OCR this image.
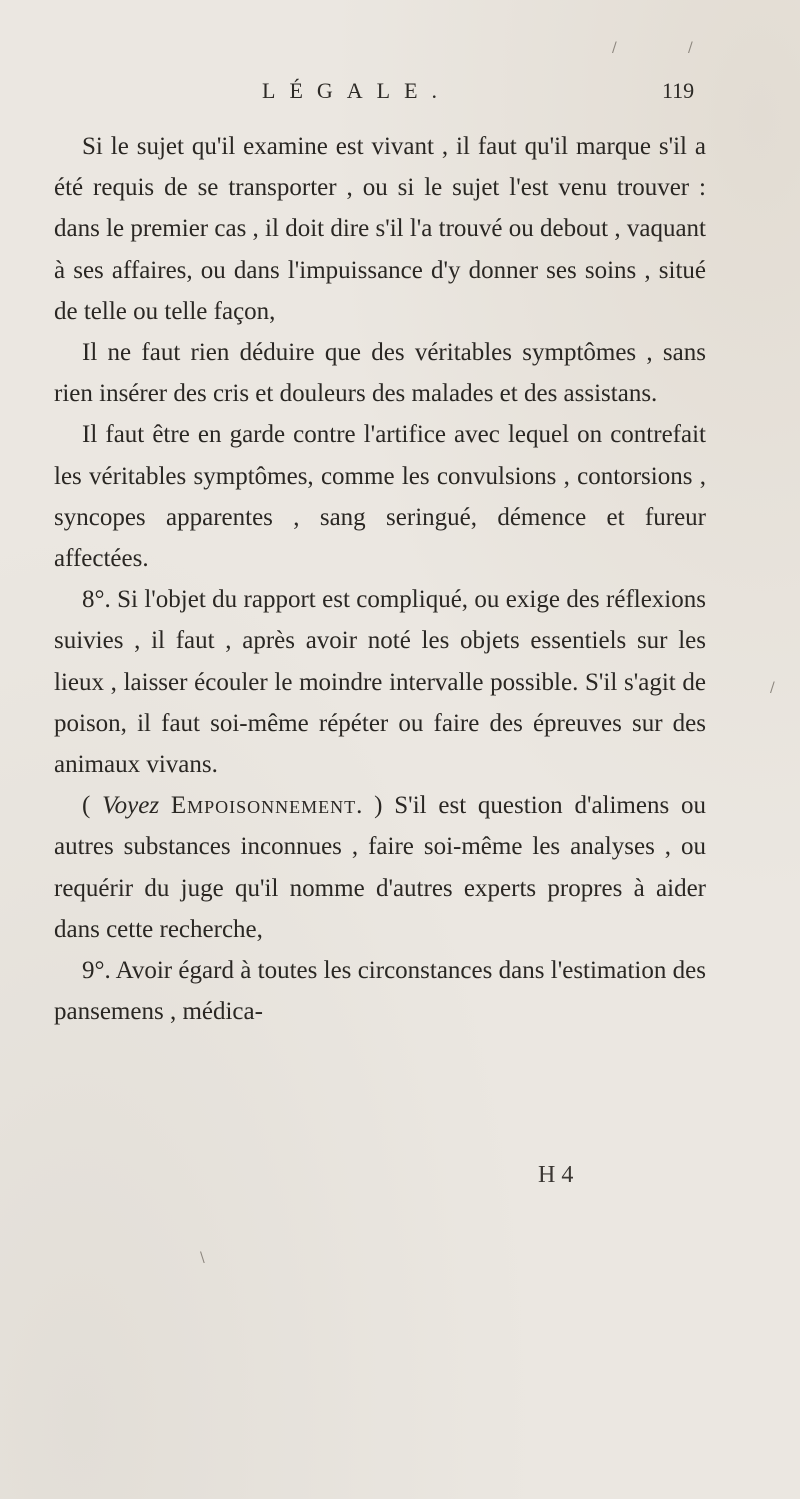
LÉGALE.	119

Si le sujet qu'il examine est vivant , il faut qu'il marque s'il a été requis de se transporter , ou si le sujet l'est venu trouver : dans le premier cas , il doit dire s'il l'a trouvé ou debout , vaquant à ses affaires, ou dans l'impuissance d'y donner ses soins , situé de telle ou telle façon,

Il ne faut rien déduire que des véritables symptômes , sans rien insérer des cris et douleurs des malades et des assistans.

Il faut être en garde contre l'artifice avec lequel on contrefait les véritables symptômes, comme les convulsions , contorsions , syncopes apparentes , sang seringué, démence et fureur affectées.

8°. Si l'objet du rapport est compliqué, ou exige des réflexions suivies , il faut , après avoir noté les objets essentiels sur les lieux , laisser écouler le moindre intervalle possible. S'il s'agit de poison, il faut soi-même répéter ou faire des épreuves sur des animaux vivans.

( Voyez Empoisonnement. ) S'il est question d'alimens ou autres substances inconnues , faire soi-même les analyses , ou requérir du juge qu'il nomme d'autres experts propres à aider dans cette recherche,

9°. Avoir égard à toutes les circonstances dans l'estimation des pansemens , médica-

H 4
/
/
/
\
